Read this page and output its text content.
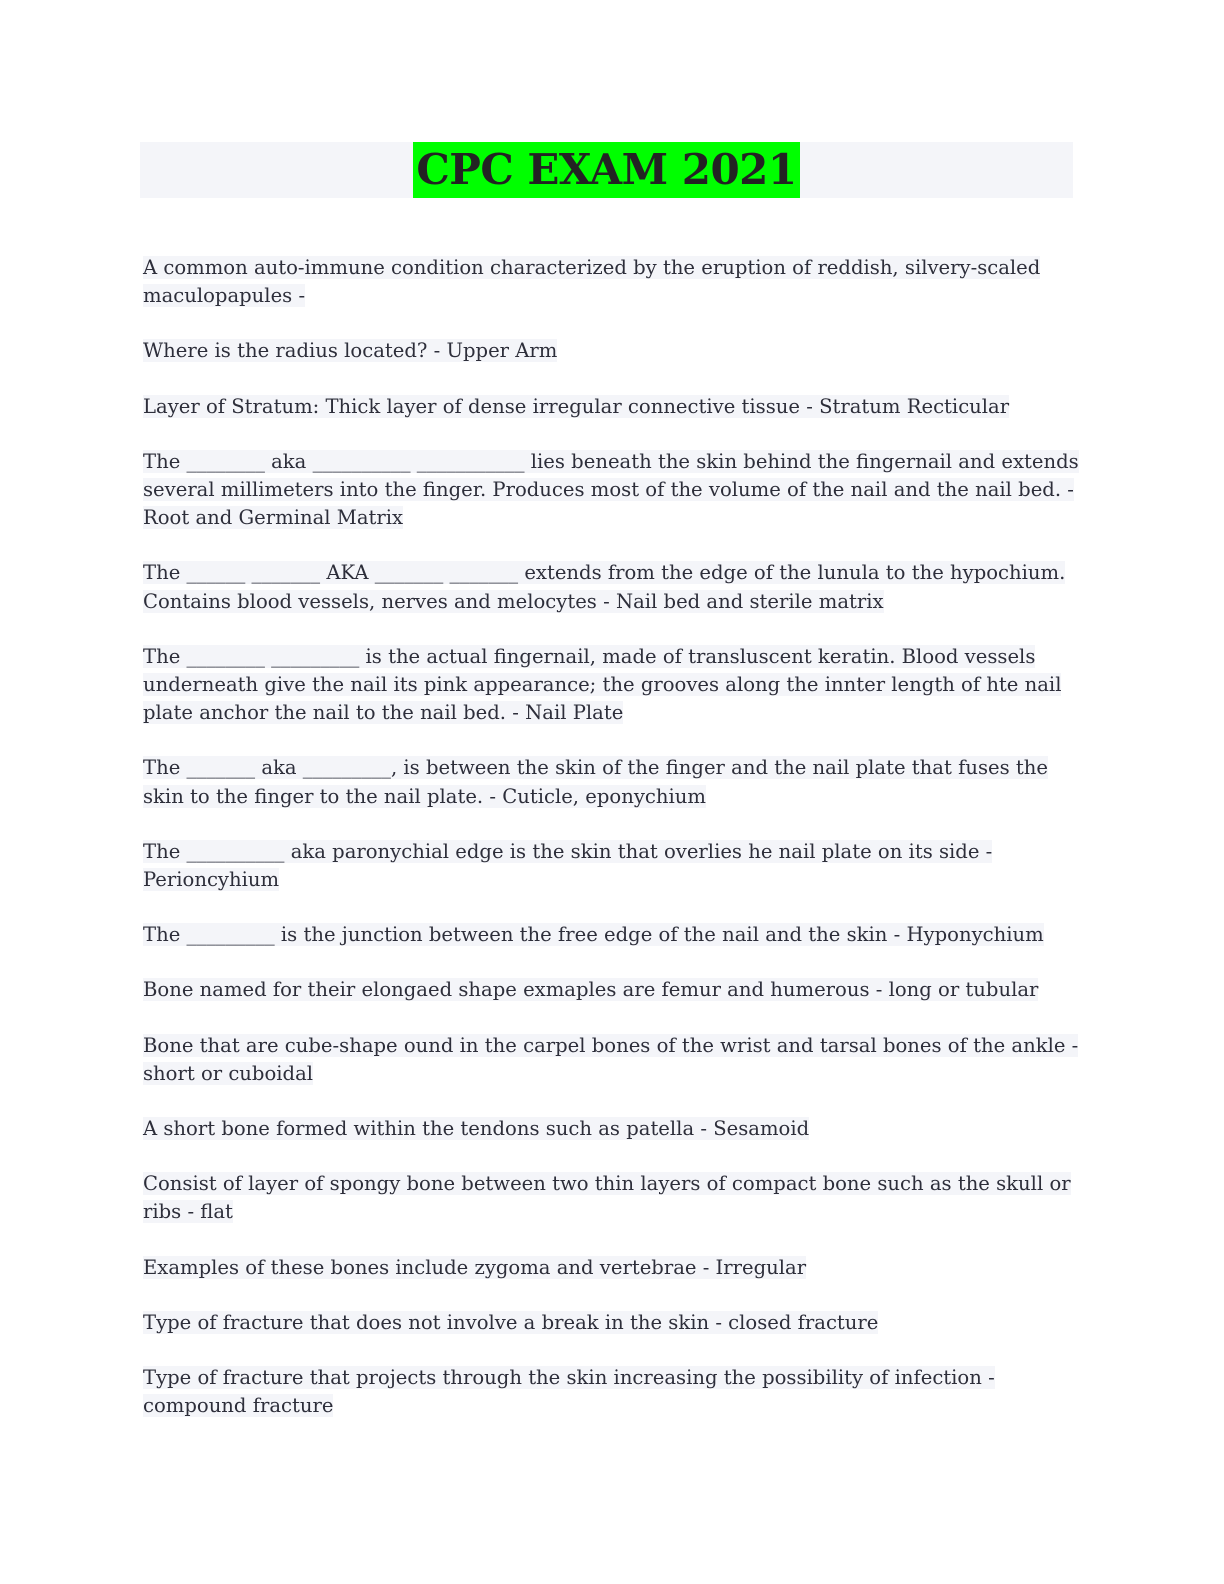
CPC EXAM 2021

A common auto-immune condition characterized by the eruption of reddish, silvery-scaled maculopapules -

Where is the radius located? - Upper Arm

Layer of Stratum: Thick layer of dense irregular connective tissue - Stratum Recticular

The ________ aka __________ ___________ lies beneath the skin behind the fingernail and extends several millimeters into the finger. Produces most of the volume of the nail and the nail bed. - Root and Germinal Matrix

The ______ _______ AKA _______ _______ extends from the edge of the lunula to the hypochium. Contains blood vessels, nerves and melocytes - Nail bed and sterile matrix

The ________ _________ is the actual fingernail, made of transluscent keratin. Blood vessels underneath give the nail its pink appearance; the grooves along the innter length of hte nail plate anchor the nail to the nail bed. - Nail Plate

The _______ aka _________, is between the skin of the finger and the nail plate that fuses the skin to the finger to the nail plate. - Cuticle, eponychium

The __________ aka paronychial edge is the skin that overlies he nail plate on its side - Perioncyhium

The _________ is the junction between the free edge of the nail and the skin - Hyponychium

Bone named for their elongaed shape exmaples are femur and humerous - long or tubular

Bone that are cube-shape ound in the carpel bones of the wrist and tarsal bones of the ankle - short or cuboidal

A short bone formed within the tendons such as patella - Sesamoid

Consist of layer of spongy bone between two thin layers of compact bone such as the skull or ribs - flat

Examples of these bones include zygoma and vertebrae - Irregular

Type of fracture that does not involve a break in the skin - closed fracture

Type of fracture that projects through the skin increasing the possibility of infection - compound fracture
